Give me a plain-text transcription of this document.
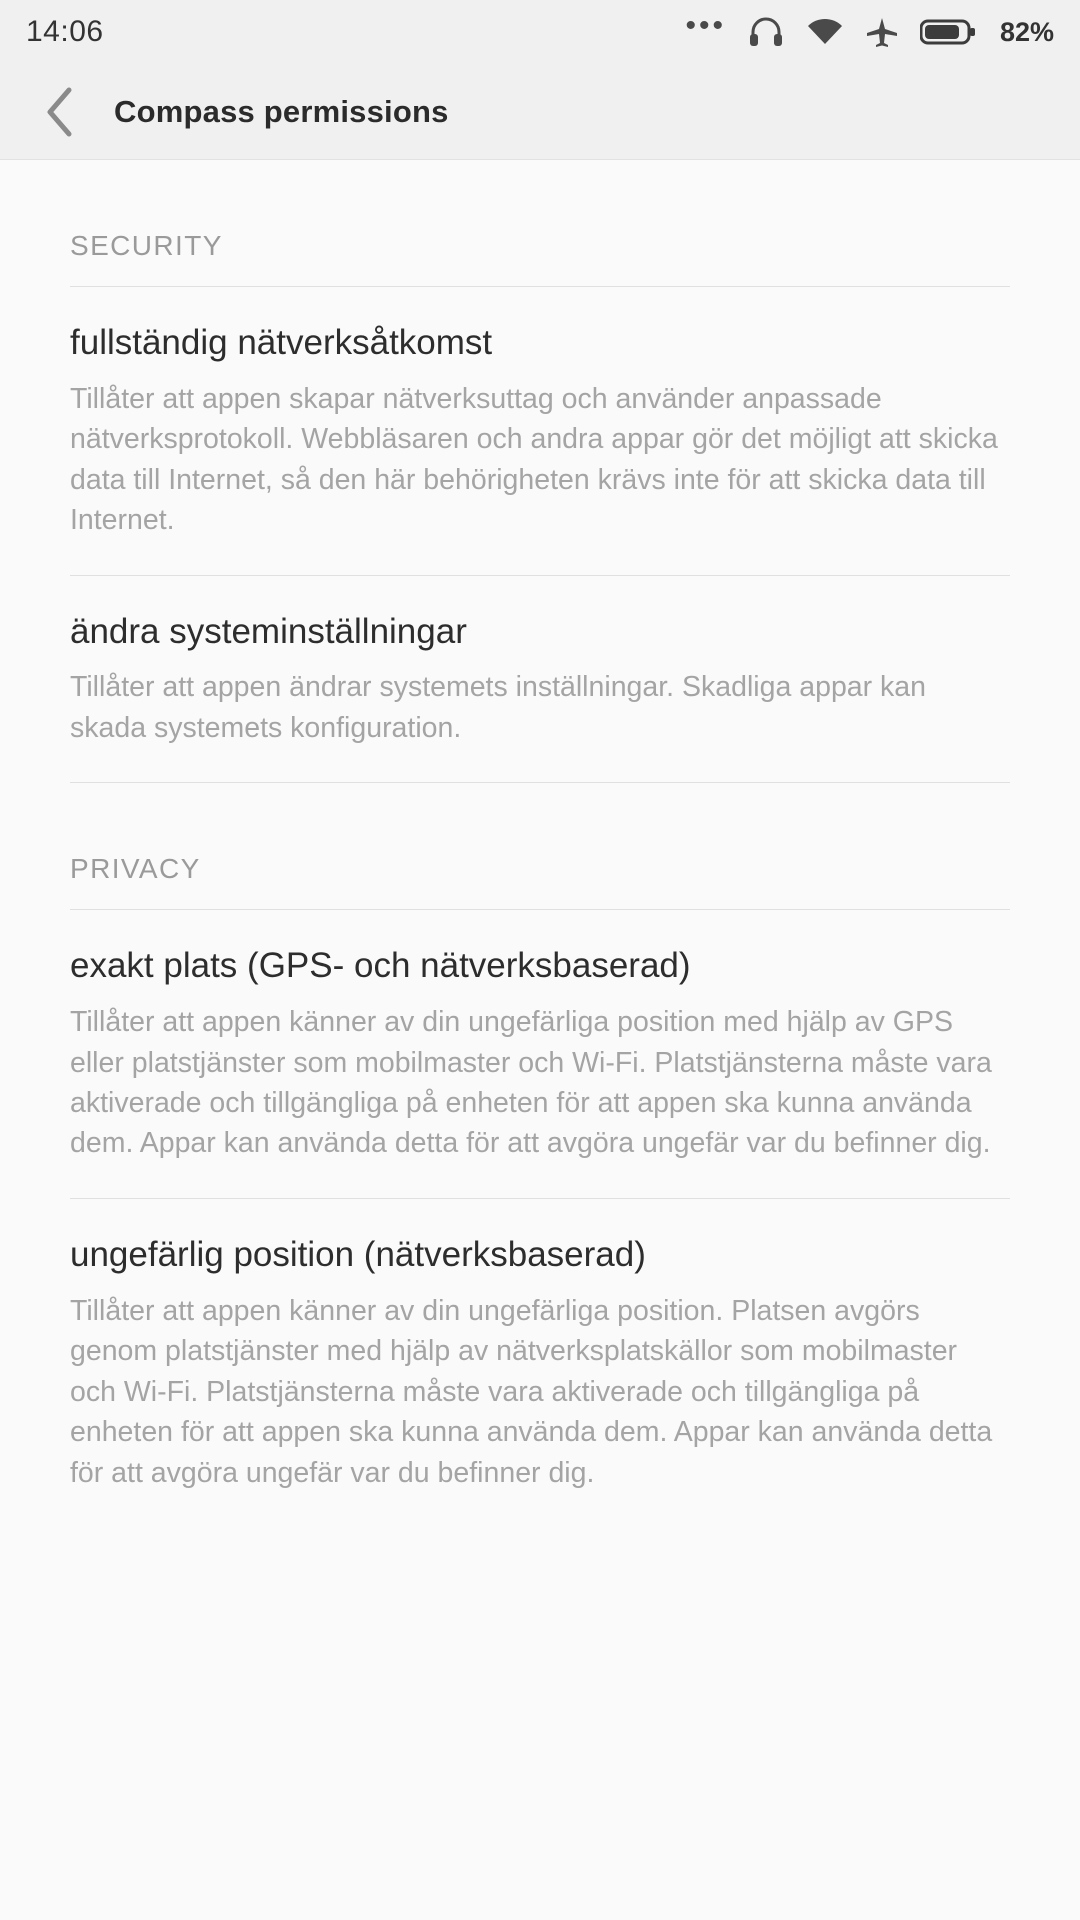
14:06	•••	82%
Compass permissions
SECURITY
fullständig nätverksåtkomst
Tillåter att appen skapar nätverksuttag och använder anpassade nätverksprotokoll. Webbläsaren och andra appar gör det möjligt att skicka data till Internet, så den här behörigheten krävs inte för att skicka data till Internet.
ändra systeminställningar
Tillåter att appen ändrar systemets inställningar. Skadliga appar kan skada systemets konfiguration.
PRIVACY
exakt plats (GPS- och nätverksbaserad)
Tillåter att appen känner av din ungefärliga position med hjälp av GPS eller platstjänster som mobilmaster och Wi-Fi. Platstjänsterna måste vara aktiverade och tillgängliga på enheten för att appen ska kunna använda dem. Appar kan använda detta för att avgöra ungefär var du befinner dig.
ungefärlig position (nätverksbaserad)
Tillåter att appen känner av din ungefärliga position. Platsen avgörs genom platstjänster med hjälp av nätverksplatskällor som mobilmaster och Wi-Fi. Platstjänsterna måste vara aktiverade och tillgängliga på enheten för att appen ska kunna använda dem. Appar kan använda detta för att avgöra ungefär var du befinner dig.
